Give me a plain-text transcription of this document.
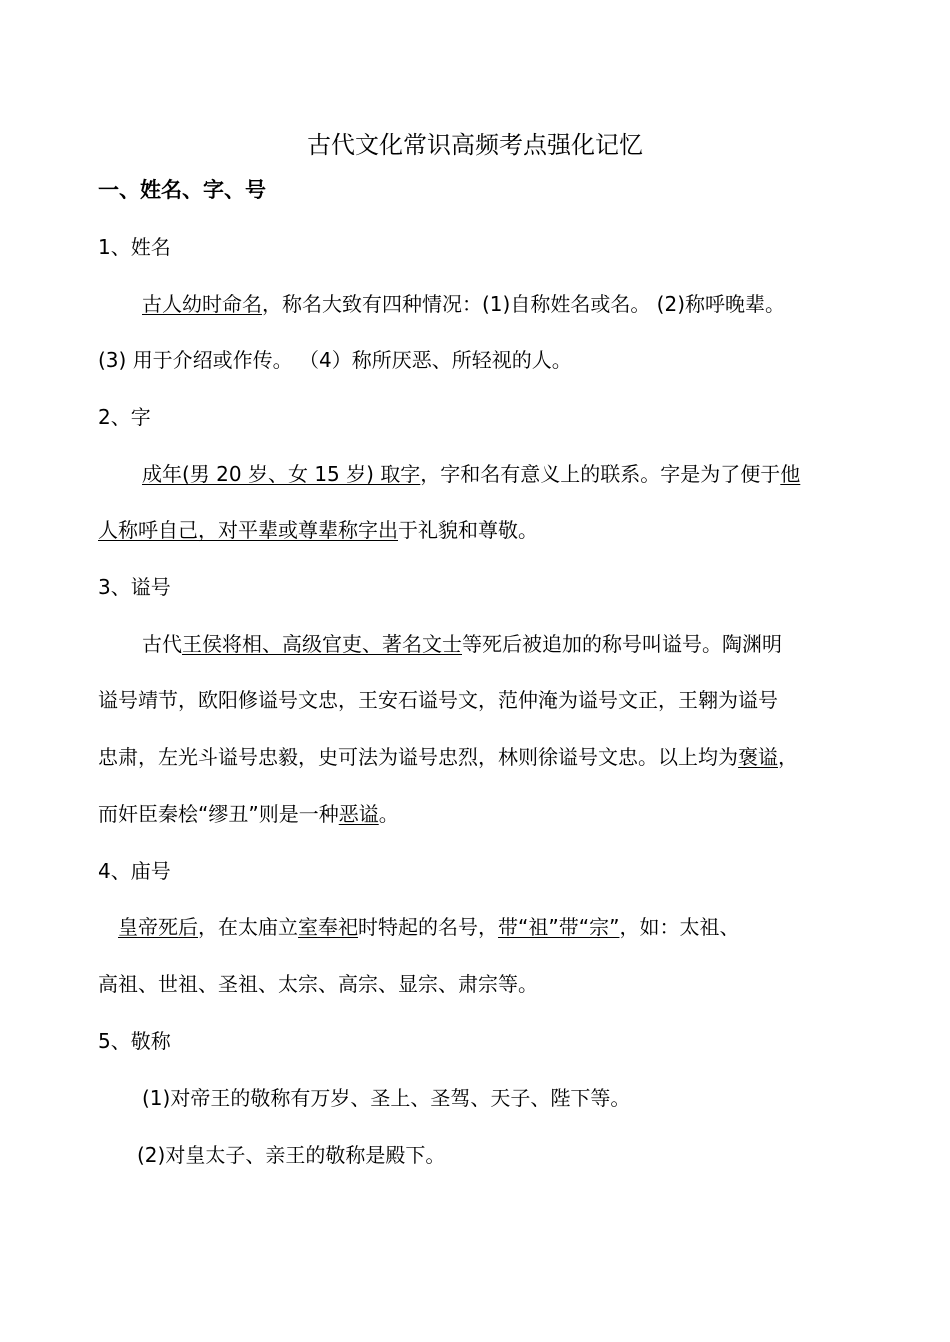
古代文化常识高频考点强化记忆
一、姓名、字、号
1、姓名
古人幼时命名，称名大致有四种情况：(1)自称姓名或名。 (2)称呼晚辈。
(3) 用于介绍或作传。 （4）称所厌恶、所轻视的人。
2、字
成年(男 20 岁、女 15 岁) 取字，字和名有意义上的联系。字是为了便于他
人称呼自己，对平辈或尊辈称字出于礼貌和尊敬。
3、谥号
古代王侯将相、高级官吏、著名文士等死后被追加的称号叫谥号。陶渊明
谥号靖节，欧阳修谥号文忠，王安石谥号文，范仲淹为谥号文正，王翱为谥号
忠肃，左光斗谥号忠毅，史可法为谥号忠烈，林则徐谥号文忠。以上均为褒谥，
而奸臣秦桧“缪丑”则是一种恶谥。
4、庙号
皇帝死后，在太庙立室奉祀时特起的名号，带“祖”带“宗”，如：太祖、
高祖、世祖、圣祖、太宗、高宗、显宗、肃宗等。
5、敬称
(1)对帝王的敬称有万岁、圣上、圣驾、天子、陛下等。
(2)对皇太子、亲王的敬称是殿下。
